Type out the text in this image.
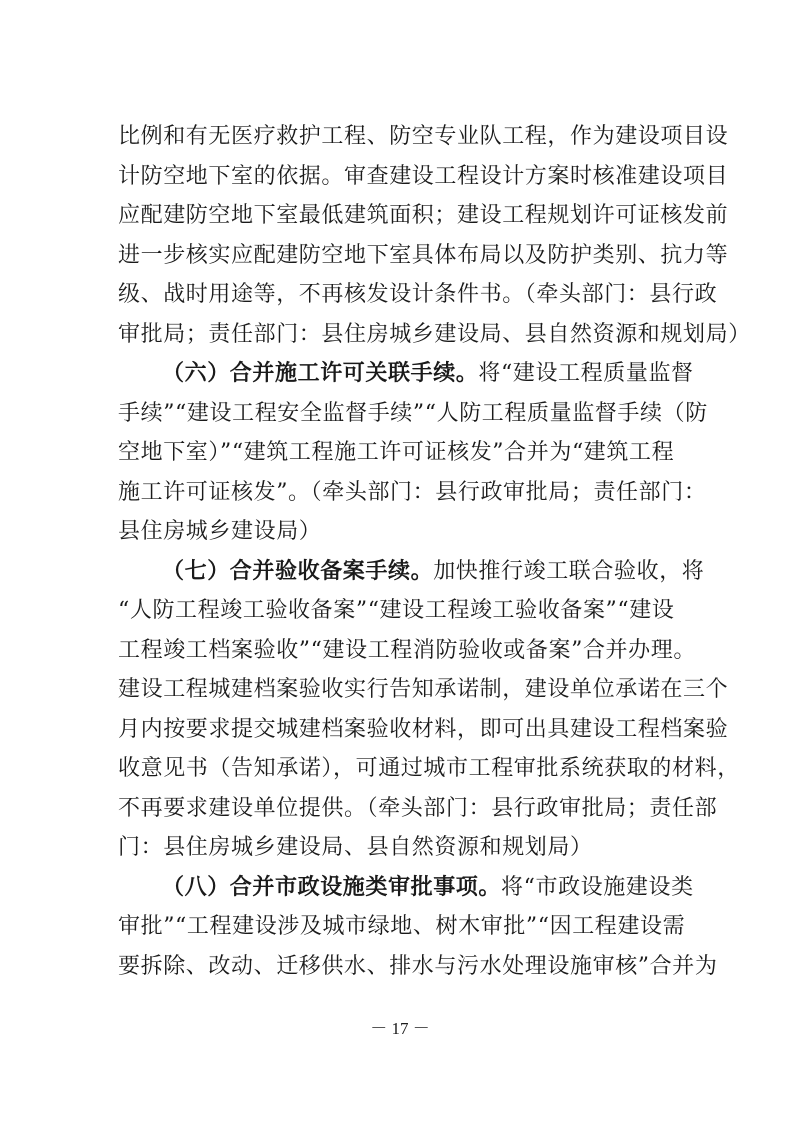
比例和有无医疗救护工程、防空专业队工程，作为建设项目设
计防空地下室的依据。审查建设工程设计方案时核准建设项目
应配建防空地下室最低建筑面积；建设工程规划许可证核发前
进一步核实应配建防空地下室具体布局以及防护类别、抗力等
级、战时用途等，不再核发设计条件书。（牵头部门：县行政
审批局；责任部门：县住房城乡建设局、县自然资源和规划局）
（六）合并施工许可关联手续。将“建设工程质量监督
手续”“建设工程安全监督手续”“人防工程质量监督手续（防
空地下室）”“建筑工程施工许可证核发”合并为“建筑工程
施工许可证核发”。（牵头部门：县行政审批局；责任部门：
县住房城乡建设局）
（七）合并验收备案手续。加快推行竣工联合验收，将
“人防工程竣工验收备案”“建设工程竣工验收备案”“建设
工程竣工档案验收”“建设工程消防验收或备案”合并办理。
建设工程城建档案验收实行告知承诺制，建设单位承诺在三个
月内按要求提交城建档案验收材料，即可出具建设工程档案验
收意见书（告知承诺），可通过城市工程审批系统获取的材料，
不再要求建设单位提供。（牵头部门：县行政审批局；责任部
门：县住房城乡建设局、县自然资源和规划局）
（八）合并市政设施类审批事项。将“市政设施建设类
审批”“工程建设涉及城市绿地、树木审批”“因工程建设需
要拆除、改动、迁移供水、排水与污水处理设施审核”合并为
－ 17 －
